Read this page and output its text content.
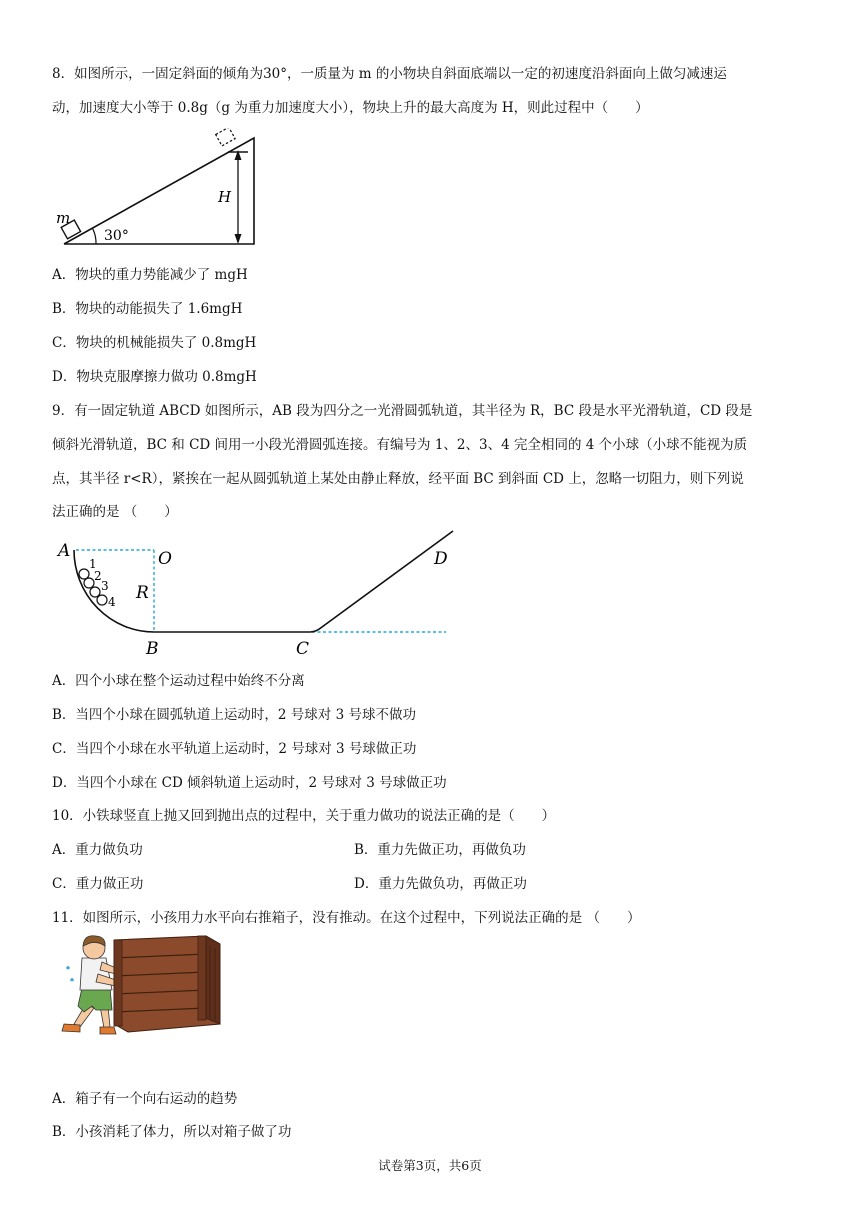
8．如图所示，一固定斜面的倾角为30°，一质量为 m 的小物块自斜面底端以一定的初速度沿斜面向上做匀减速运
动，加速度大小等于 0.8g（g 为重力加速度大小），物块上升的最大高度为 H，则此过程中（　　）
m
30°
H
A．物块的重力势能减少了 mgH
B．物块的动能损失了 1.6mgH
C．物块的机械能损失了 0.8mgH
D．物块克服摩擦力做功 0.8mgH
9．有一固定轨道 ABCD 如图所示，AB 段为四分之一光滑圆弧轨道，其半径为 R，BC 段是水平光滑轨道，CD 段是
倾斜光滑轨道，BC 和 CD 间用一小段光滑圆弧连接。有编号为 1、2、3、4 完全相同的 4 个小球（小球不能视为质
点，其半径 r<R），紧挨在一起从圆弧轨道上某处由静止释放，经平面 BC 到斜面 CD 上，忽略一切阻力，则下列说
法正确的是 （　　）
1
2
3
4
A	O
R
B	C
D
A．四个小球在整个运动过程中始终不分离
B．当四个小球在圆弧轨道上运动时，2 号球对 3 号球不做功
C．当四个小球在水平轨道上运动时，2 号球对 3 号球做正功
D．当四个小球在 CD 倾斜轨道上运动时，2 号球对 3 号球做正功
10．小铁球竖直上抛又回到抛出点的过程中，关于重力做功的说法正确的是（　　）
A．重力做负功	B．重力先做正功，再做负功
C．重力做正功	D．重力先做负功，再做正功
11．如图所示，小孩用力水平向右推箱子，没有推动。在这个过程中，下列说法正确的是 （　　）
A．箱子有一个向右运动的趋势
B．小孩消耗了体力，所以对箱子做了功
试卷第3页，共6页
